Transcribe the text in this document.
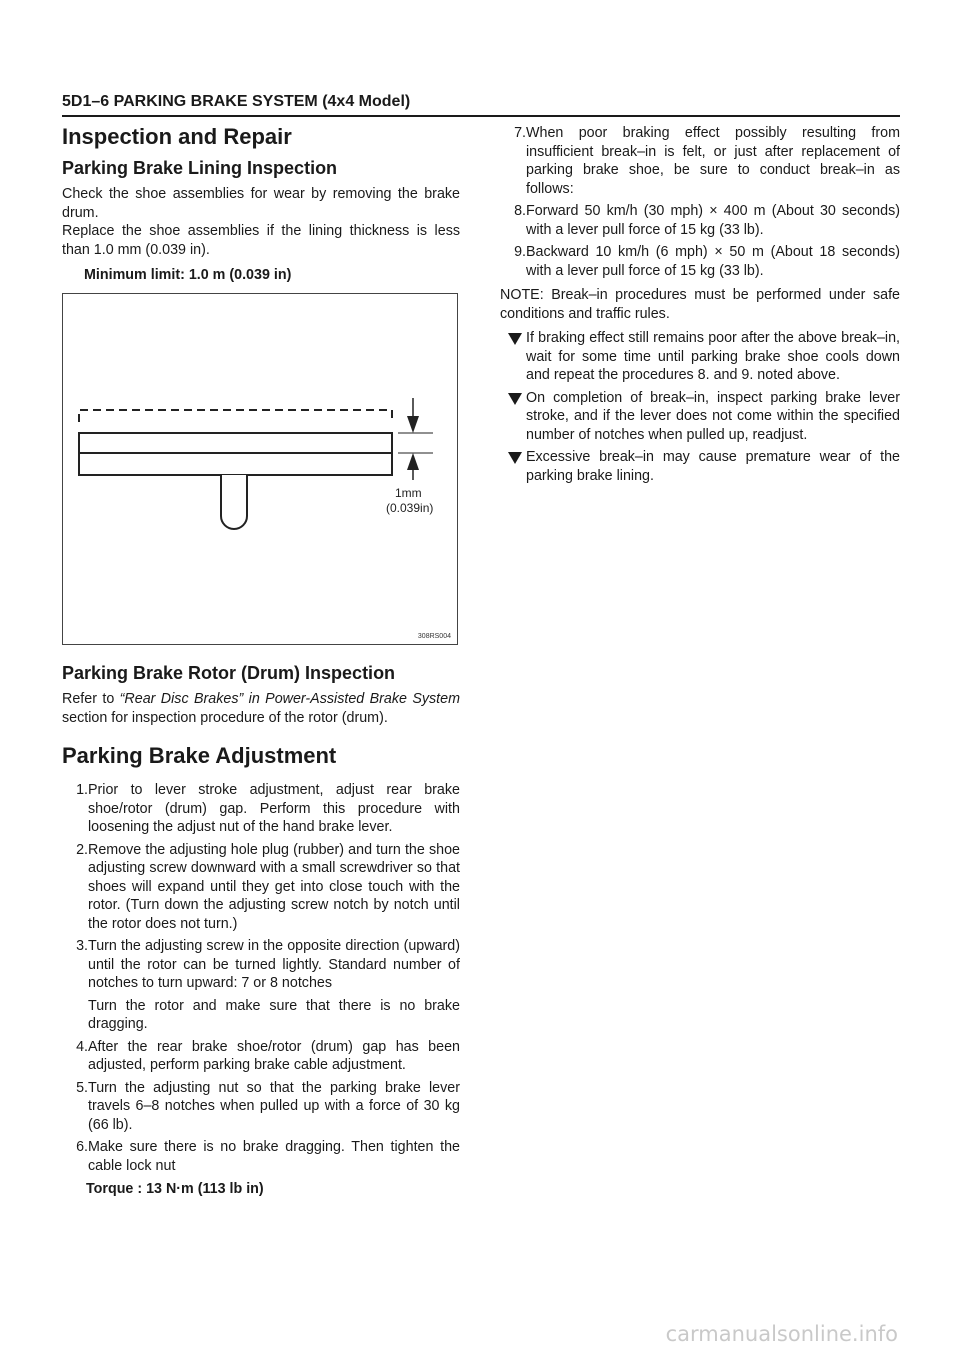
5D1–6 PARKING BRAKE SYSTEM (4x4 Model)
Inspection and Repair
Parking Brake Lining Inspection

Check the shoe assemblies for wear by removing the brake drum.

Replace the shoe assemblies if the lining thickness is less than 1.0 mm (0.039 in).

Minimum limit: 1.0 m (0.039 in)
1mm
(0.039in)
308RS004
Parking Brake Rotor (Drum) Inspection

Refer to “Rear Disc Brakes” in Power-Assisted Brake System section for inspection procedure of the rotor (drum).

Parking Brake Adjustment
1. Prior to lever stroke adjustment, adjust rear brake shoe/rotor (drum) gap. Perform this procedure with loosening the adjust nut of the hand brake lever.
2. Remove the adjusting hole plug (rubber) and turn the shoe adjusting screw downward with a small screwdriver so that shoes will expand until they get into close touch with the rotor. (Turn down the adjusting screw notch by notch until the rotor does not turn.)
3. Turn the adjusting screw in the opposite direction (upward) until the rotor can be turned lightly. Standard number of notches to turn upward: 7 or 8 notches

Turn the rotor and make sure that there is no brake dragging.

4. After the rear brake shoe/rotor (drum) gap has been adjusted, perform parking brake cable adjustment.
5. Turn the adjusting nut so that the parking brake lever travels 6–8 notches when pulled up with a force of 30 kg (66 lb).
6. Make sure there is no brake dragging. Then tighten the cable lock nut
Torque : 13 N·m (113 lb in)
7. When poor braking effect possibly resulting from insufficient break–in is felt, or just after replacement of parking brake shoe, be sure to conduct break–in as follows:
8. Forward 50 km/h (30 mph) × 400 m (About 30 seconds) with a lever pull force of 15 kg (33 lb).
9. Backward 10 km/h (6 mph) × 50 m (About 18 seconds) with a lever pull force of 15 kg (33 lb).

NOTE: Break–in procedures must be performed under safe conditions and traffic rules.

If braking effect still remains poor after the above break–in, wait for some time until parking brake shoe cools down and repeat the procedures 8. and 9. noted above.
On completion of break–in, inspect parking brake lever stroke, and if the lever does not come within the specified number of notches when pulled up, readjust.
Excessive break–in may cause premature wear of the parking brake lining.
carmanualsonline.info
